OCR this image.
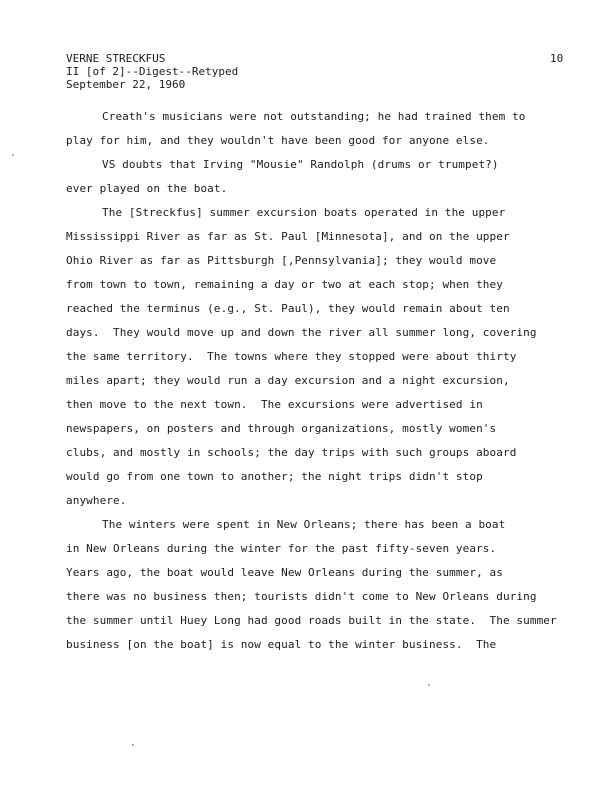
VERNE STRECKFUS
II [of 2]--Digest--Retyped
September 22, 1960
10
Creath's musicians were not outstanding; he had trained them to
play for him, and they wouldn't have been good for anyone else.
VS doubts that Irving "Mousie" Randolph (drums or trumpet?)
ever played on the boat.
The [Streckfus] summer excursion boats operated in the upper
Mississippi River as far as St. Paul [Minnesota], and on the upper
Ohio River as far as Pittsburgh [,Pennsylvania]; they would move
from town to town, remaining a day or two at each stop; when they
reached the terminus (e.g., St. Paul), they would remain about ten
days.  They would move up and down the river all summer long, covering
the same territory.  The towns where they stopped were about thirty
miles apart; they would run a day excursion and a night excursion,
then move to the next town.  The excursions were advertised in
newspapers, on posters and through organizations, mostly women's
clubs, and mostly in schools; the day trips with such groups aboard
would go from one town to another; the night trips didn't stop
anywhere.
The winters were spent in New Orleans; there has been a boat
in New Orleans during the winter for the past fifty-seven years.
Years ago, the boat would leave New Orleans during the summer, as
there was no business then; tourists didn't come to New Orleans during
the summer until Huey Long had good roads built in the state.  The summer
business [on the boat] is now equal to the winter business.  The
